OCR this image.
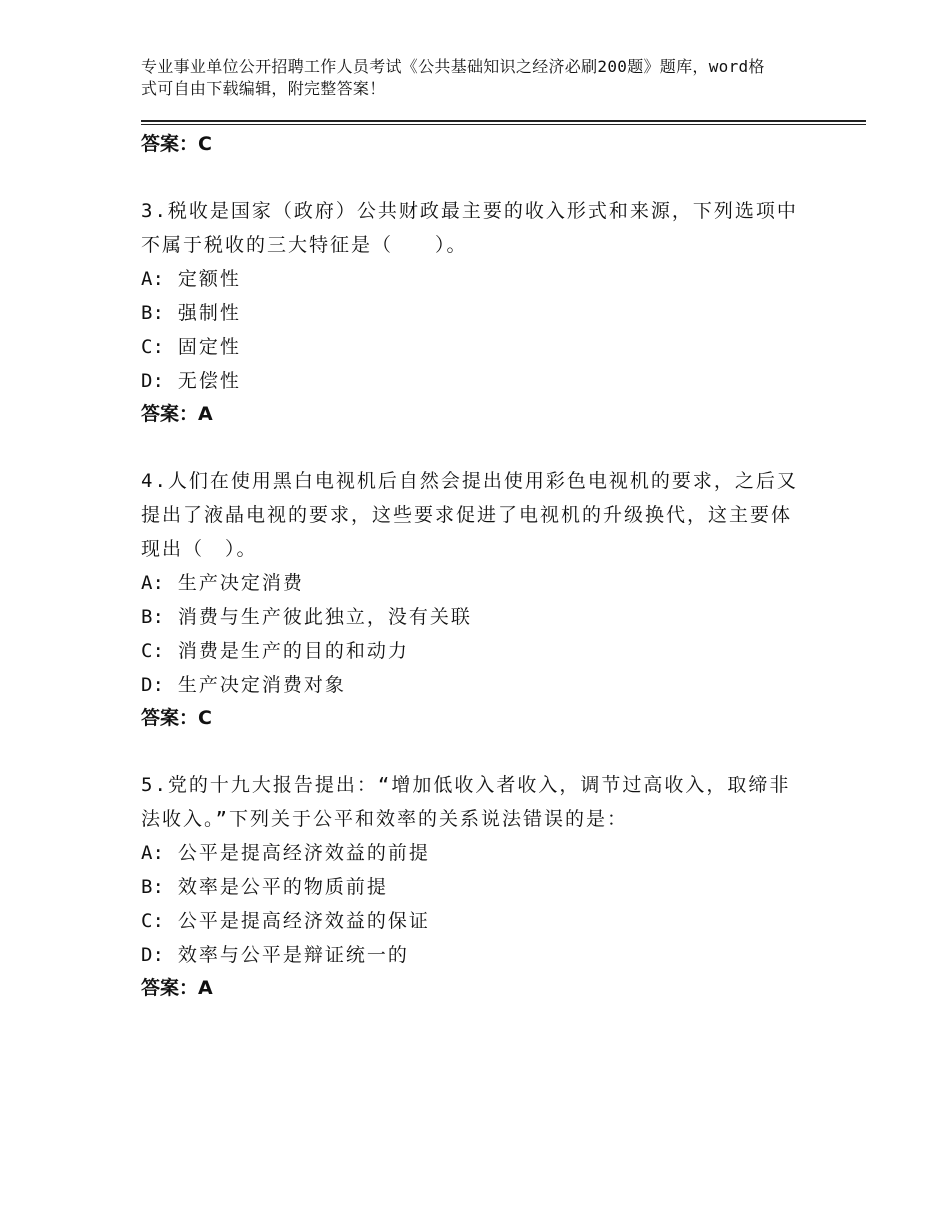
专业事业单位公开招聘工作人员考试《公共基础知识之经济必刷200题》题库，word格式可自由下载编辑，附完整答案！

答案：C

3.税收是国家（政府）公共财政最主要的收入形式和来源，下列选项中不属于税收的三大特征是（　　）。

A: 定额性

B: 强制性

C: 固定性

D: 无偿性

答案：A

4.人们在使用黑白电视机后自然会提出使用彩色电视机的要求，之后又提出了液晶电视的要求，这些要求促进了电视机的升级换代，这主要体现出（　）。

A: 生产决定消费

B: 消费与生产彼此独立，没有关联

C: 消费是生产的目的和动力

D: 生产决定消费对象

答案：C

5.党的十九大报告提出：“增加低收入者收入，调节过高收入，取缔非法收入。”下列关于公平和效率的关系说法错误的是：

A: 公平是提高经济效益的前提

B: 效率是公平的物质前提

C: 公平是提高经济效益的保证

D: 效率与公平是辩证统一的

答案：A
